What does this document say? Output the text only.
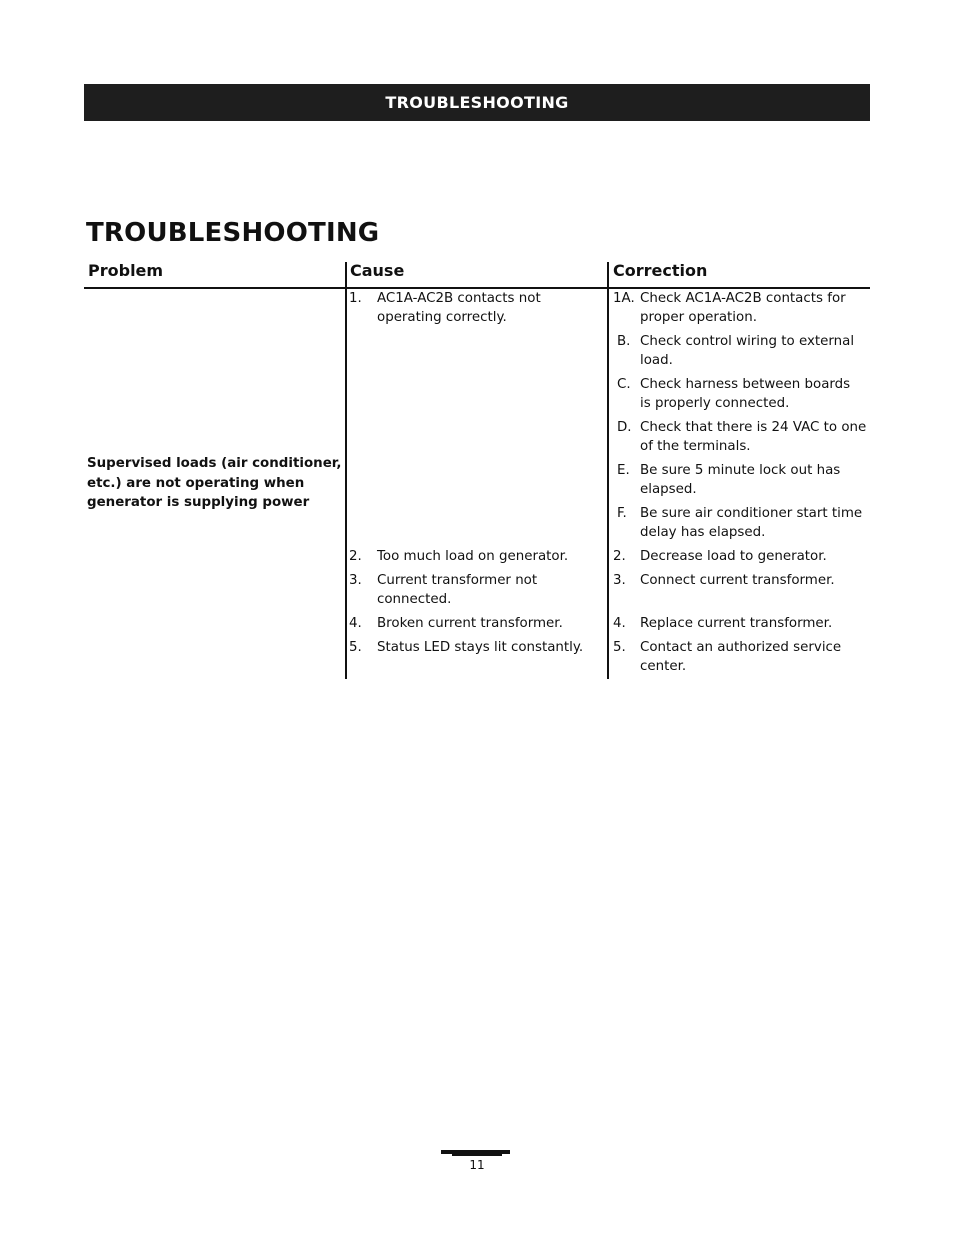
TROUBLESHOOTING
TROUBLESHOOTING
Problem	Cause	Correction
Supervised loads (air conditioner, etc.) are not operating when generator is supplying power
1. AC1A-AC2B contacts not operating correctly.
2. Too much load on generator.
3. Current transformer not connected.
4. Broken current transformer.
5. Status LED stays lit constantly.
1A. Check AC1A-AC2B contacts for proper operation.
B. Check control wiring to external load.
C. Check harness between boards is properly connected.
D. Check that there is 24 VAC to one of the terminals.
E. Be sure 5 minute lock out has elapsed.
F. Be sure air conditioner start time delay has elapsed.
2. Decrease load to generator.
3. Connect current transformer.
4. Replace current transformer.
5. Contact an authorized service center.
11
